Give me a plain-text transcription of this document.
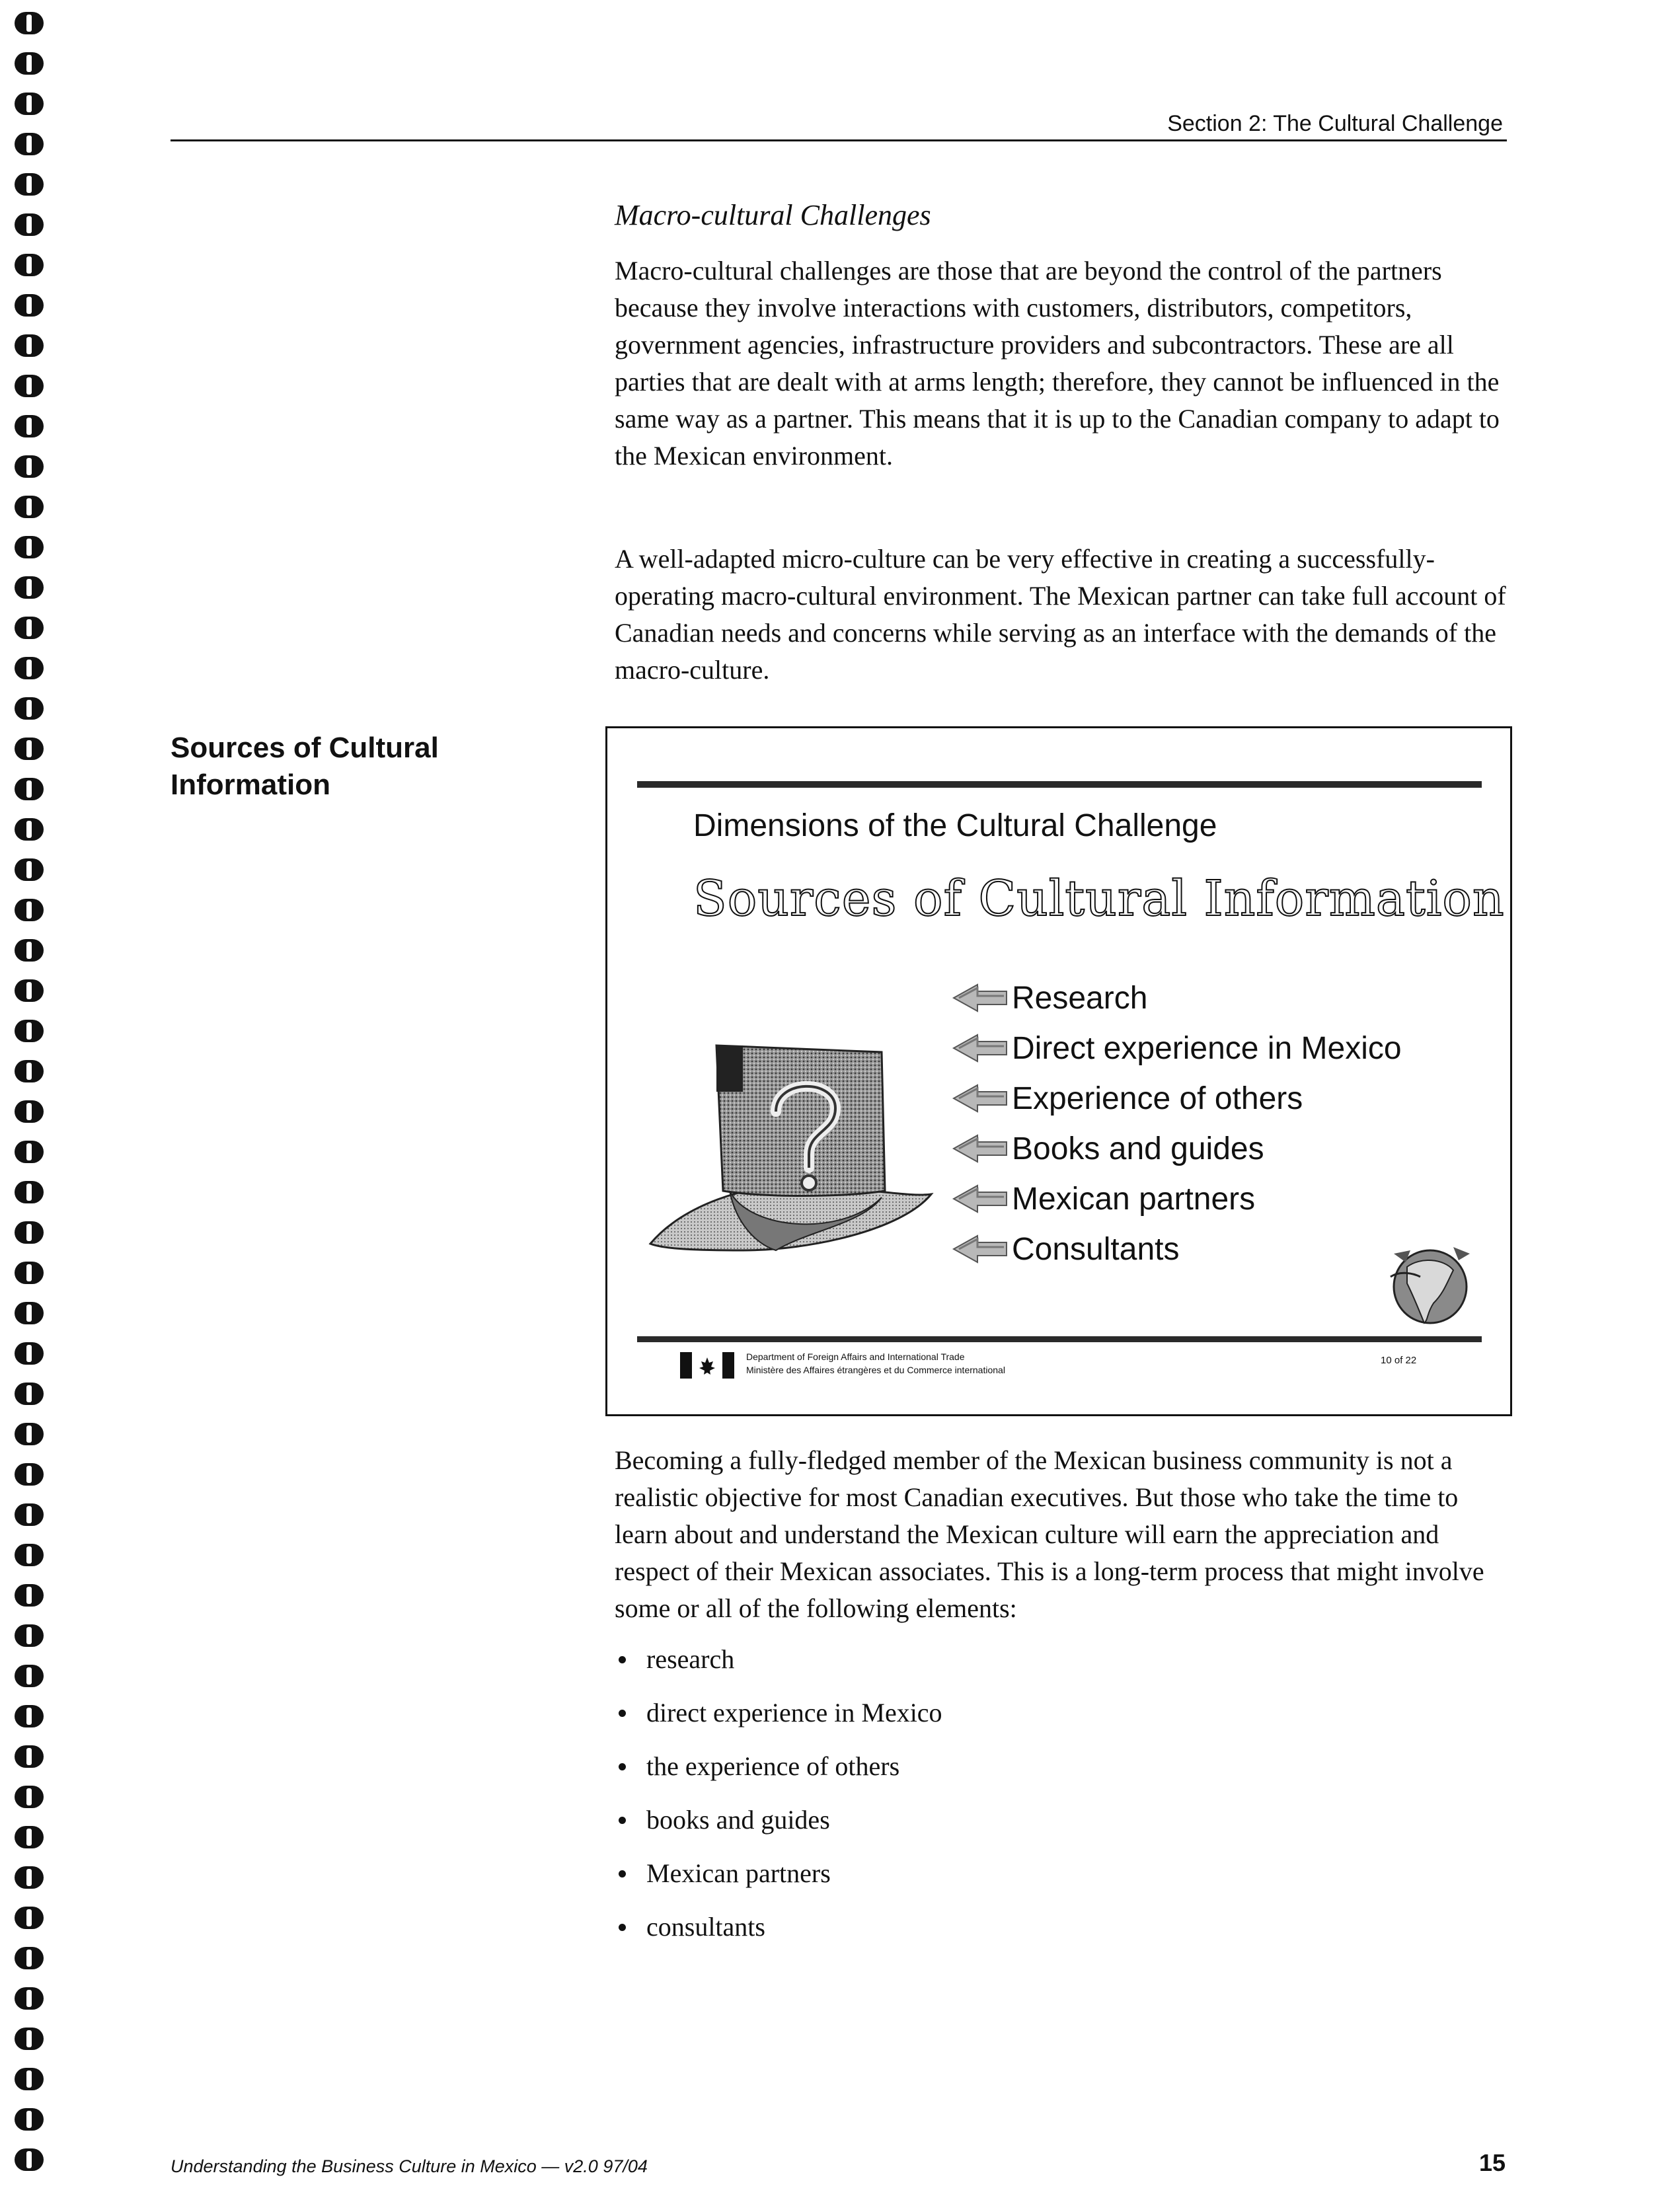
Section 2: The Cultural Challenge
Macro-cultural Challenges

Macro-cultural challenges are those that are beyond the control of the partners because they involve interactions with customers, distributors, competitors, government agencies, infrastructure providers and subcontractors. These are all parties that are dealt with at arms length; therefore, they cannot be influenced in the same way as a partner. This means that it is up to the Canadian company to adapt to the Mexican environment.

A well-adapted micro-culture can be very effective in creating a successfully-operating macro-cultural environment. The Mexican partner can take full account of Canadian needs and concerns while serving as an interface with the demands of the macro-culture.

Sources of Cultural Information
Dimensions of the Cultural Challenge
Sources of Cultural Information
Research
Direct experience in Mexico
Experience of others
Books and guides
Mexican partners
Consultants
Department of Foreign Affairs and International Trade
Ministère des Affaires étrangères et du Commerce international
10 of 22

Becoming a fully-fledged member of the Mexican business community is not a realistic objective for most Canadian executives. But those who take the time to learn about and understand the Mexican culture will earn the appreciation and respect of their Mexican associates. This is a long-term process that might involve some or all of the following elements:

research
direct experience in Mexico
the experience of others
books and guides
Mexican partners
consultants
Understanding the Business Culture in Mexico — v2.0 97/04	15
